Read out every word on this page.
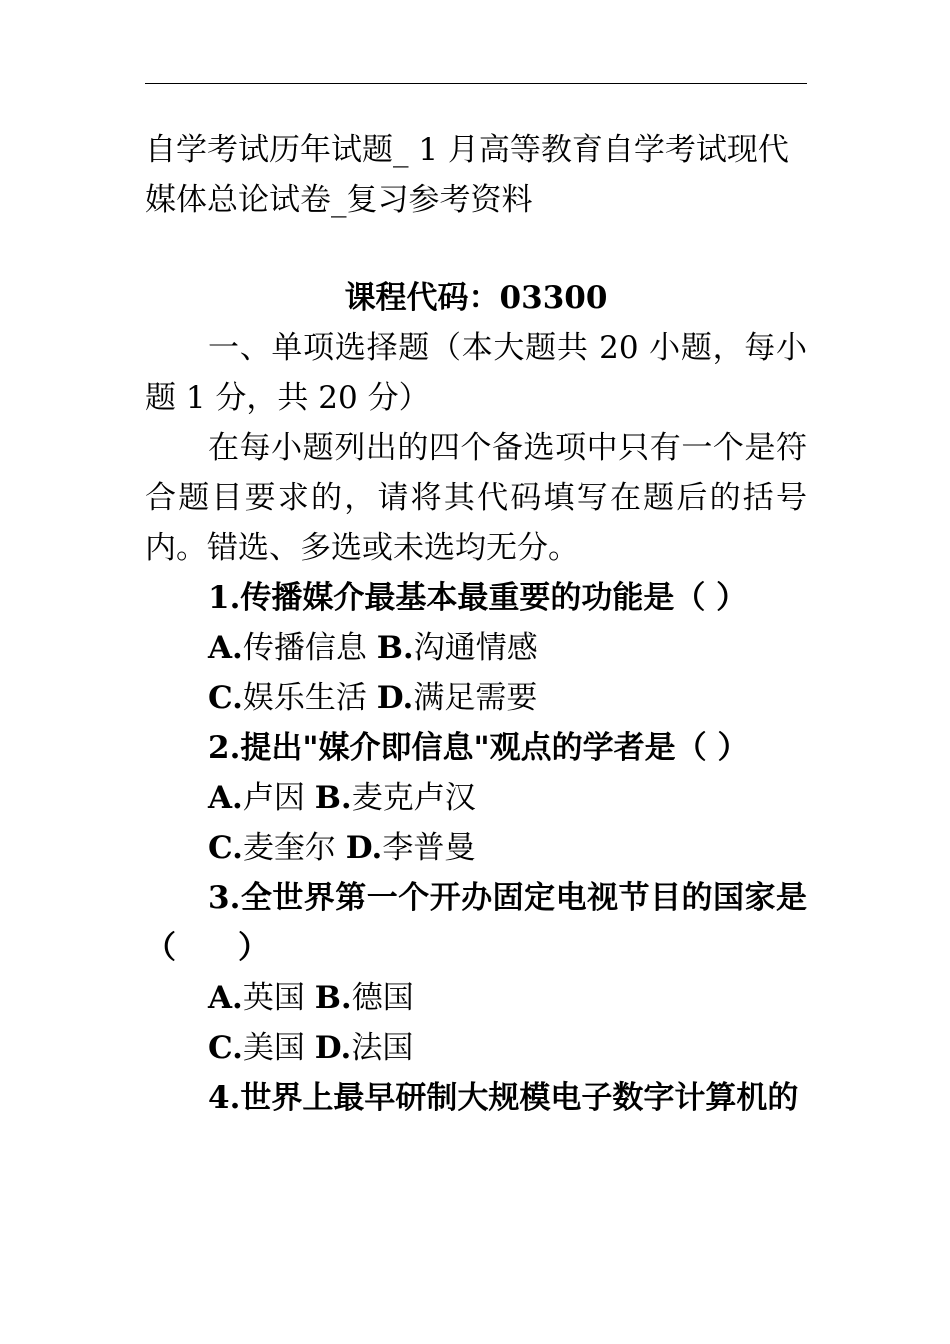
自学考试历年试题_ 1 月高等教育自学考试现代媒体总论试卷_复习参考资料
课程代码：03300

一、单项选择题（本大题共 20 小题，每小题 1 分，共 20 分）

在每小题列出的四个备选项中只有一个是符合题目要求的，请将其代码填写在题后的括号内。错选、多选或未选均无分。

1.传播媒介最基本最重要的功能是（ ）

A.传播信息 B.沟通情感

C.娱乐生活 D.满足需要

2.提出"媒介即信息"观点的学者是（ ）

A.卢因 B.麦克卢汉

C.麦奎尔 D.李普曼

3.全世界第一个开办固定电视节目的国家是（　　）

A.英国 B.德国

C.美国 D.法国

4.世界上最早研制大规模电子数字计算机的
